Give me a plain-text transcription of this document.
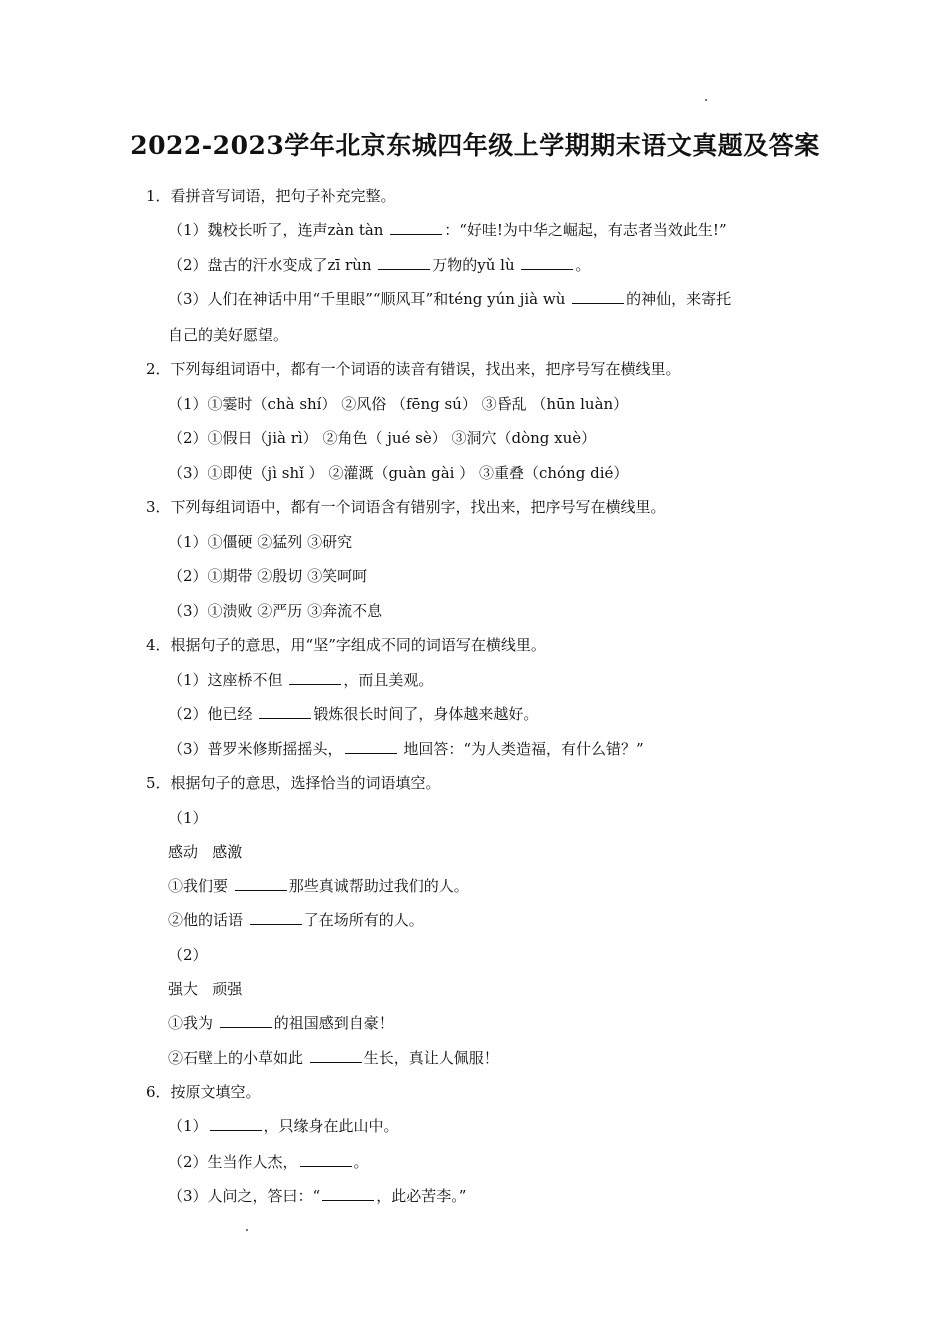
2022-2023学年北京东城四年级上学期期末语文真题及答案
1．看拼音写词语，把句子补充完整。
（1）魏校长听了，连声zàn tàn	：“好哇!为中华之崛起，有志者当效此生!”
（2）盘古的汗水变成了zī rùn	万物的yǔ lù	。
（3）人们在神话中用“千里眼”“顺风耳”和téng yún jià wù	的神仙，来寄托
自己的美好愿望。
2．下列每组词语中，都有一个词语的读音有错误，找出来，把序号写在横线里。
（1）①霎时（chà shí） ②风俗 （fēng sú） ③昏乱 （hūn luàn）
（2）①假日（jià rì） ②角色（ jué sè） ③洞穴（dòng xuè）
（3）①即使（jì shǐ ） ②灌溉（guàn gài ） ③重叠（chóng dié）
3．下列每组词语中，都有一个词语含有错别字，找出来，把序号写在横线里。
（1）①僵硬 ②猛列 ③研究
（2）①期带 ②殷切 ③笑呵呵
（3）①溃败 ②严历 ③奔流不息
4．根据句子的意思，用“坚”字组成不同的词语写在横线里。
（1）这座桥不但	，而且美观。
（2）他已经	锻炼很长时间了，身体越来越好。
（3）普罗米修斯摇摇头，	地回答：“为人类造福，有什么错？”
5．根据句子的意思，选择恰当的词语填空。
（1）
感动   感激
①我们要	那些真诚帮助过我们的人。
②他的话语	了在场所有的人。
（2）
强大   顽强
①我为	的祖国感到自豪！
②石壁上的小草如此	生长，真让人佩服！
6．按原文填空。
（1）	，只缘身在此山中。
（2）生当作人杰，	。
（3）人问之，答曰：“	，此必苦李。”
